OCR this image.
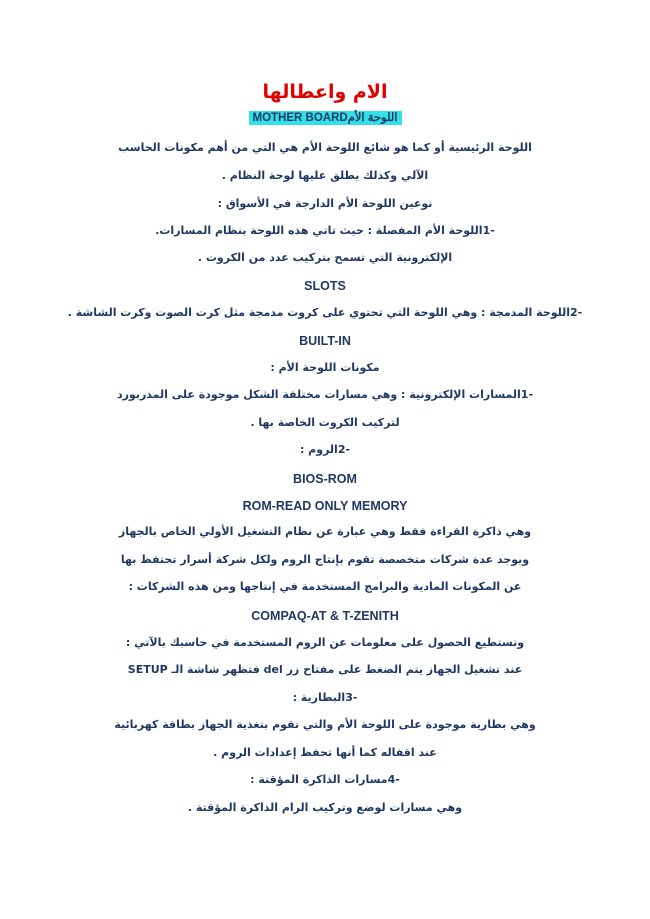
الام واعطالها
اللوحة الأمMOTHER BOARD
اللوحة الرئيسية أو كما هو شائع اللوحة الأم هي التي من أهم مكونات الحاسب
الآلي وكذلك يطلق عليها لوحة النظام .
نوعين اللوحة الأم الدارجة في الأسواق :
-1اللوحة الأم المفصلة : حيث تاتي هذه اللوحة بنظام المسارات.
الإلكترونية التي تسمح بتركيب عدد من الكروت .
SLOTS
-2اللوحة المدمجة : وهي اللوحة التي تحتوي على كروت مدمجة مثل كرت الصوت وكرت الشاشة .
BUILT-IN
مكونات اللوحة الأم :
-1المسارات الإلكترونية : وهي مسارات مختلفة الشكل موجودة على المذربورد
لتركيب الكروت الخاصة بها .
-2الروم :
BIOS-ROM
ROM-READ ONLY MEMORY
وهي ذاكرة القراءة فقط وهي عبارة عن نظام التشغيل الأولي الخاص بالجهاز
ويوجد عدة شركات متخصصة تقوم بإنتاج الروم ولكل شركة أسرار تحتفظ بها
عن المكونات المادية والبرامج المستخدمة في إنتاجها ومن هذه الشركات :
COMPAQ-AT & T-ZENITH
وتستطيع الحصول على معلومات عن الروم المستخدمة في حاسبك بالآتي :
عند تشغيل الجهاز يتم الضغط على مفتاح زر del فتظهر شاشة الـ SETUP
-3البطارية :
وهي بطارية موجودة على اللوحة الأم والتي تقوم بتغذية الجهاز بطاقة كهربائية
عند اقفاله كما أنها تحفظ إعدادات الروم .
-4مسارات الذاكرة المؤقتة :
وهي مسارات لوضع وتركيب الرام الذاكرة المؤقتة .
